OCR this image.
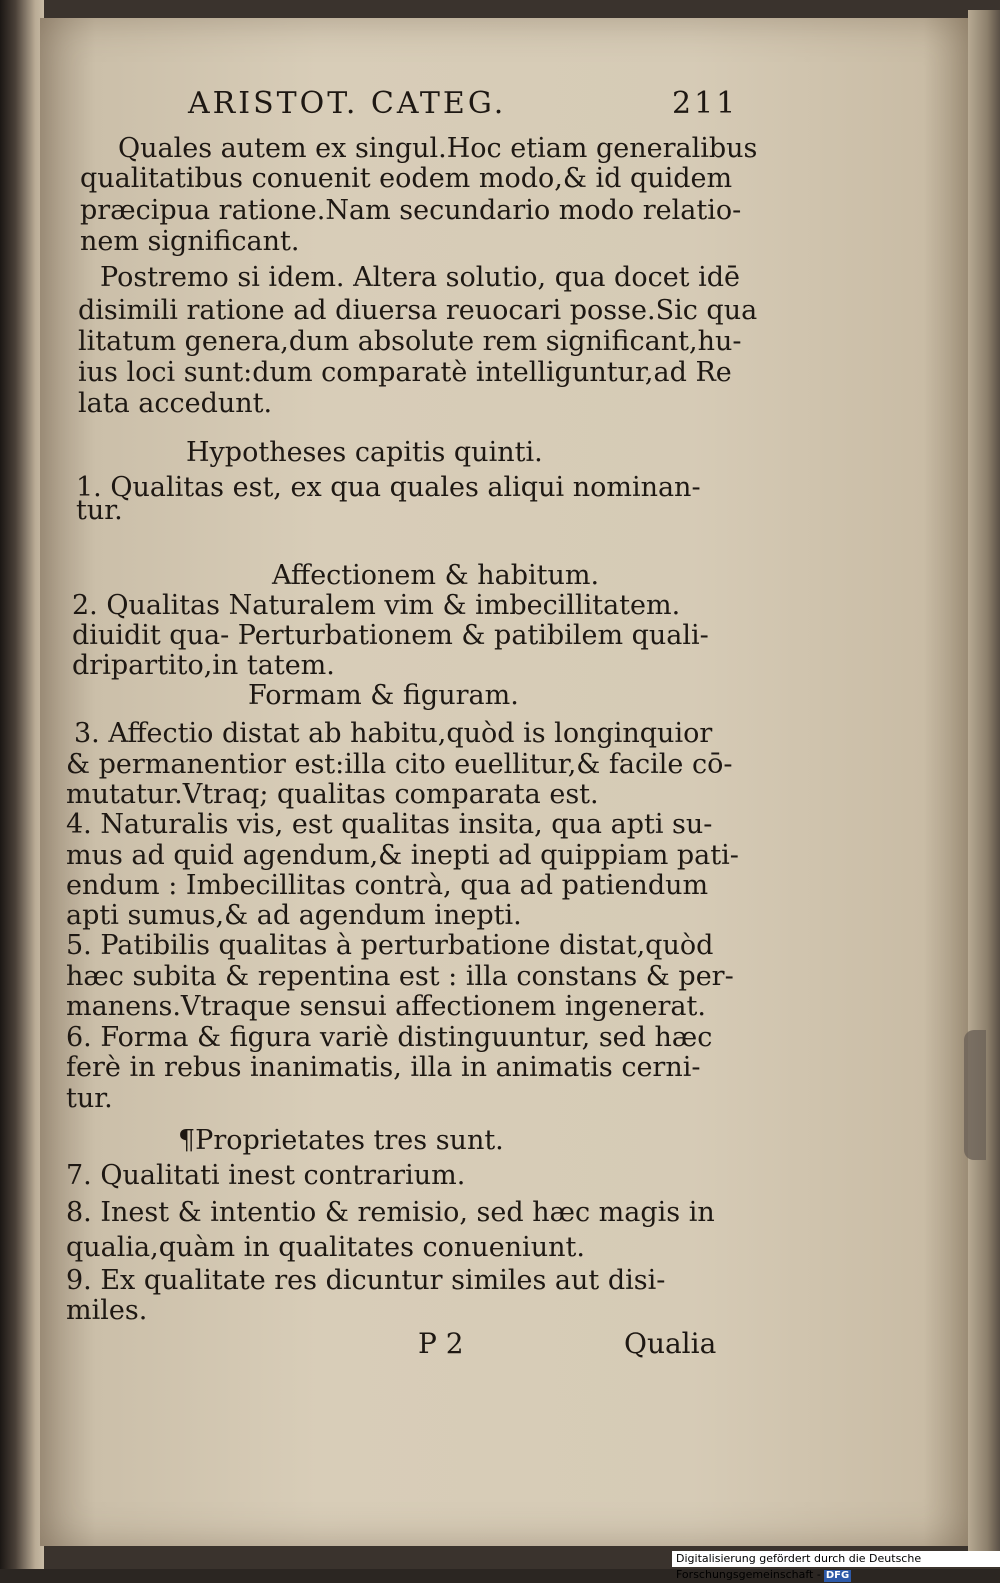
ARISTOT. CATEG.	211
Quales autem ex singul.Hoc etiam generalibus
qualitatibus conuenit eodem modo,& id quidem
præcipua ratione.Nam secundario modo relatio-
nem significant.
Postremo si idem. Altera solutio, qua docet idē
disimili ratione ad diuersa reuocari posse.Sic qua
litatum genera,dum absolute rem significant,hu-
ius loci sunt:dum comparatè intelliguntur,ad Re
lata accedunt.
Hypotheses capitis quinti.
1. Qualitas est, ex qua quales aliqui nominan-
tur.
Affectionem & habitum.
2. Qualitas Naturalem vim & imbecillitatem.
diuidit qua- Perturbationem & patibilem quali-
dripartito,in tatem.
Formam & figuram.
3. Affectio distat ab habitu,quòd is longinquior
& permanentior est:illa cito euellitur,& facile cō-
mutatur.Vtraq; qualitas comparata est.
4. Naturalis vis, est qualitas insita, qua apti su-
mus ad quid agendum,& inepti ad quippiam pati-
endum : Imbecillitas contrà, qua ad patiendum
apti sumus,& ad agendum inepti.
5. Patibilis qualitas à perturbatione distat,quòd
hæc subita & repentina est : illa constans & per-
manens.Vtraque sensui affectionem ingenerat.
6. Forma & figura variè distinguuntur, sed hæc
ferè in rebus inanimatis, illa in animatis cerni-
tur.
¶Proprietates tres sunt.
7. Qualitati inest contrarium.
8. Inest & intentio & remisio, sed hæc magis in
qualia,quàm in qualitates conueniunt.
9. Ex qualitate res dicuntur similes aut disi-
miles.
P 2	Qualia
Digitalisierung gefördert durch die Deutsche Forschungsgemeinschaft - DFG
